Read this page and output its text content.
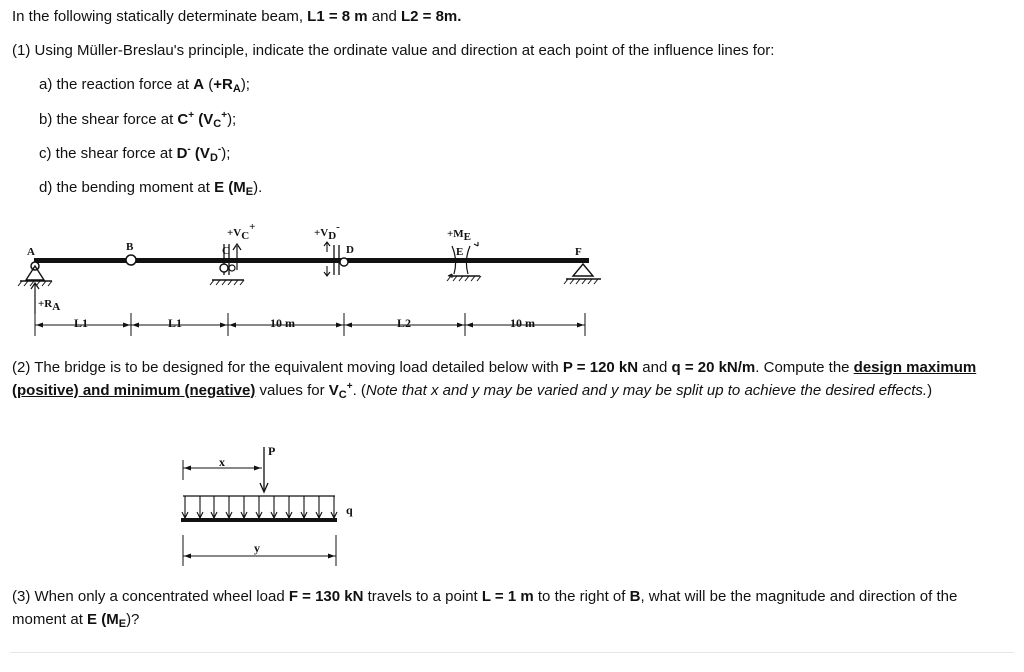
In the following statically determinate beam, L1 = 8 m and L2 = 8m.
(1) Using Müller-Breslau's principle, indicate the ordinate value and direction at each point of the influence lines for:
a) the reaction force at A $(+R_A)$;
b) the shear force at C+ $(V_C^+)$;
c) the shear force at D- $(V_D^-)$;
d) the bending moment at E $(M_E)$.
A	B	C	D	E	F
+VC+	+VD-
+ME
+RA
L1	L1	10 m	L2	10 m
(2) The bridge is to be designed for the equivalent moving load detailed below with P = 120 kN and q = 20 kN/m. Compute the design maximum (positive) and minimum (negative) values for $V_C^+$. (Note that x and y may be varied and y may be split up to achieve the desired effects.)
x
P
q
y
(3) When only a concentrated wheel load F = 130 kN travels to a point L = 1 m to the right of B, what will be the magnitude and direction of the moment at E $(M_E)$?
